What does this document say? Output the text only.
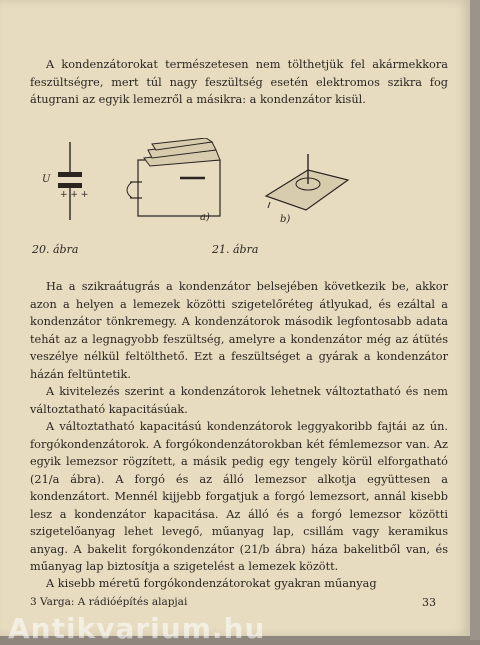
A kondenzátorokat természetesen nem tölthetjük fel akármekkora feszültségre, mert túl nagy feszültség esetén elektromos szikra fog átugrani az egyik lemezről a másikra: a kondenzátor kisül.

+ + +
U
a)	b)
20. ábra	21. ábra

Ha a szikraátugrás a kondenzátor belsejében következik be, akkor azon a helyen a lemezek közötti szigetelőréteg átlyukad, és ezáltal a kondenzátor tönkremegy. A kondenzátorok második legfontosabb adata tehát az a legnagyobb feszültség, amelyre a kondenzátor még az átütés veszélye nélkül feltölthető. Ezt a feszültséget a gyárak a kondenzátor házán feltüntetik.

A kivitelezés szerint a kondenzátorok lehetnek változtatható és nem változtatható kapacitásúak.

A változtatható kapacitású kondenzátorok leggyakoribb fajtái az ún. forgókondenzátorok. A forgókondenzátorokban két fémlemezsor van. Az egyik lemezsor rögzített, a másik pedig egy tengely körül elforgatható (21/a ábra). A forgó és az álló lemezsor alkotja együttesen a kondenzátort. Mennél kijjebb forgatjuk a forgó lemezsort, annál kisebb lesz a kondenzátor kapacitása. Az álló és a forgó lemezsor közötti szigetelőanyag lehet levegő, műanyag lap, csillám vagy keramikus anyag. A bakelit forgókondenzátor (21/b ábra) háza bakelitből van, és műanyag lap biztosítja a szigetelést a lemezek között.

A kisebb méretű forgókondenzátorokat gyakran műanyag

3 Varga: A rádióépítés alapjai	33
Antikvarium.hu
